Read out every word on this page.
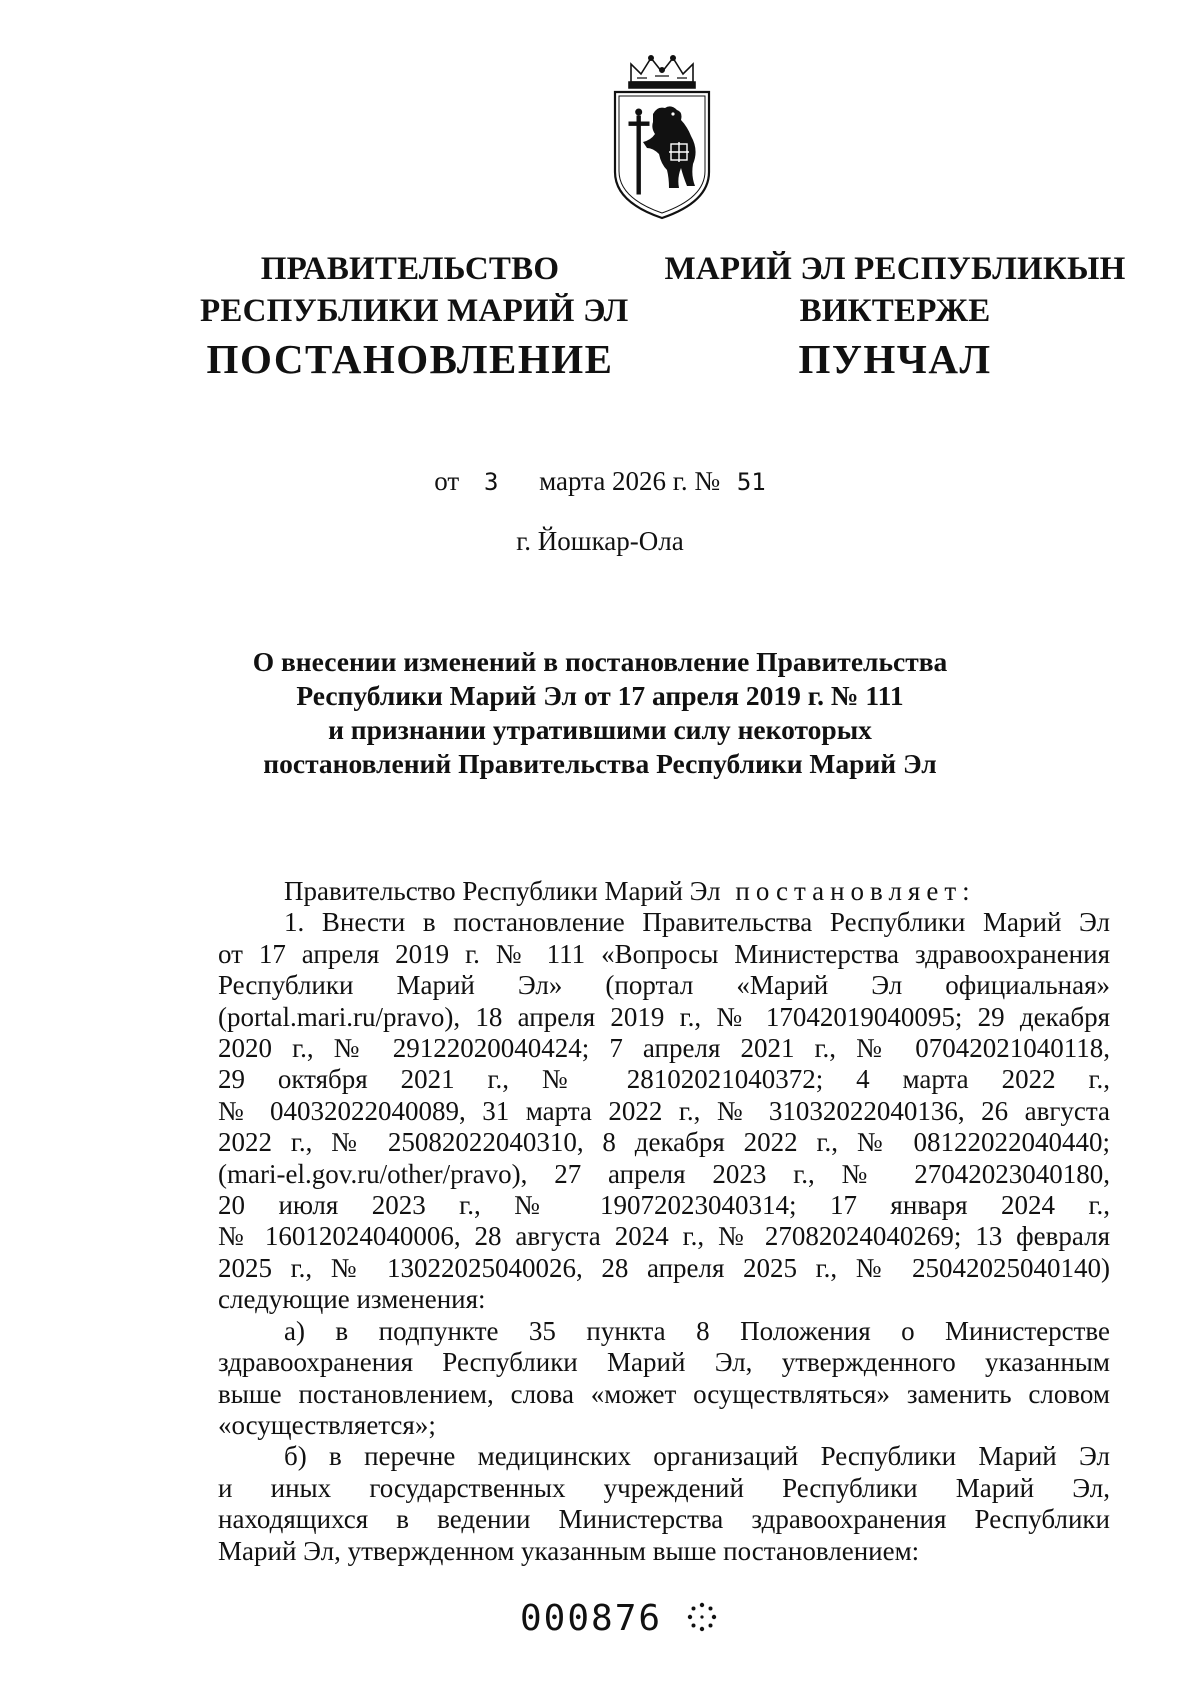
ПРАВИТЕЛЬСТВО
РЕСПУБЛИКИ МАРИЙ ЭЛ
ПОСТАНОВЛЕНИЕ
МАРИЙ ЭЛ РЕСПУБЛИКЫН
ВИКТЕРЖЕ
ПУНЧАЛ
от 3 марта 2026 г. № 51
г. Йошкар-Ола
О внесении изменений в постановление Правительства
Республики Марий Эл от 17 апреля 2019 г. № 111
и признании утратившими силу некоторых
постановлений Правительства Республики Марий Эл
Правительство Республики Марий Эл постановляет:
1. Внести в постановление Правительства Республики Марий Эл
от 17 апреля 2019 г. № 111 «Вопросы Министерства здравоохранения
Республики Марий Эл» (портал «Марий Эл официальная»
(portal.mari.ru/pravo), 18 апреля 2019 г., № 17042019040095; 29 декабря
2020 г., № 29122020040424; 7 апреля 2021 г., № 07042021040118,
29 октября 2021 г., № 28102021040372; 4 марта 2022 г.,
№ 04032022040089, 31 марта 2022 г., № 31032022040136, 26 августа
2022 г., № 25082022040310, 8 декабря 2022 г., № 08122022040440;
(mari-el.gov.ru/other/pravo), 27 апреля 2023 г., № 27042023040180,
20 июля 2023 г., № 19072023040314; 17 января 2024 г.,
№ 16012024040006, 28 августа 2024 г., № 27082024040269; 13 февраля
2025 г., № 13022025040026, 28 апреля 2025 г., № 25042025040140)
следующие изменения:
а) в подпункте 35 пункта 8 Положения о Министерстве
здравоохранения Республики Марий Эл, утвержденного указанным
выше постановлением, слова «может осуществляться» заменить словом
«осуществляется»;
б) в перечне медицинских организаций Республики Марий Эл
и иных государственных учреждений Республики Марий Эл,
находящихся в ведении Министерства здравоохранения Республики
Марий Эл, утвержденном указанным выше постановлением:
000876
